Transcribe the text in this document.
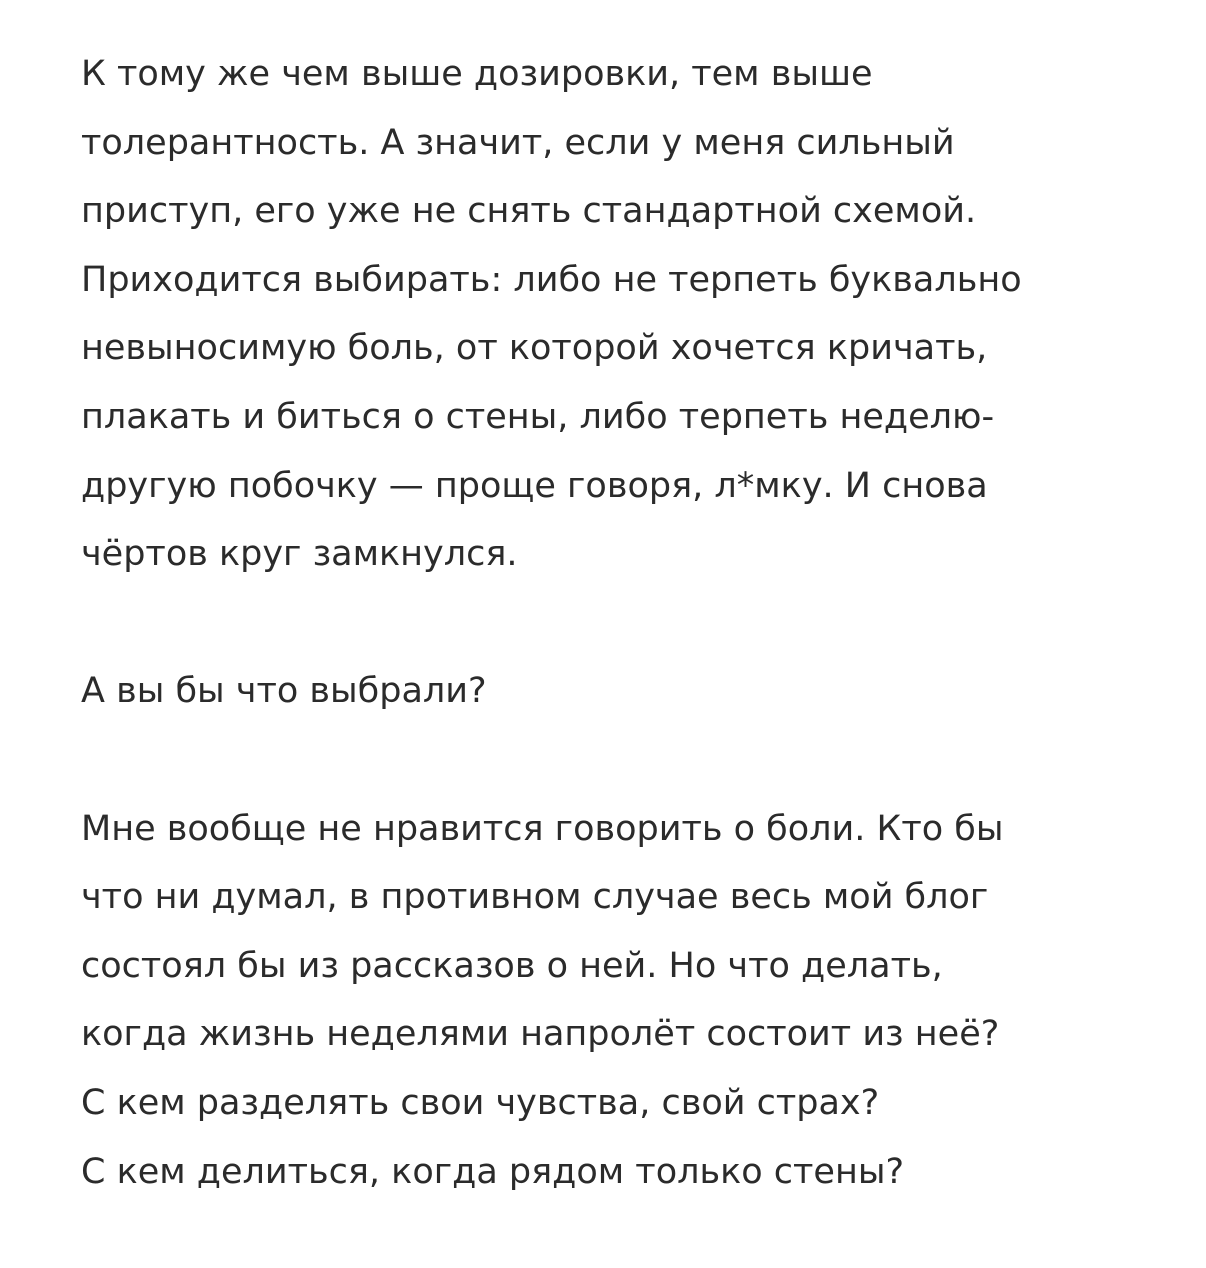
К тому же чем выше дозировки, тем выше
толерантность. А значит, если у меня сильный
приступ, его уже не снять стандартной схемой.
Приходится выбирать: либо не терпеть буквально
невыносимую боль, от которой хочется кричать,
плакать и биться о стены, либо терпеть неделю-
другую побочку — проще говоря, л*мку. И снова
чёртов круг замкнулся.
А вы бы что выбрали?
Мне вообще не нравится говорить о боли. Кто бы
что ни думал, в противном случае весь мой блог
состоял бы из рассказов о ней. Но что делать,
когда жизнь неделями напролёт состоит из неё?
С кем разделять свои чувства, свой страх?
С кем делиться, когда рядом только стены?
